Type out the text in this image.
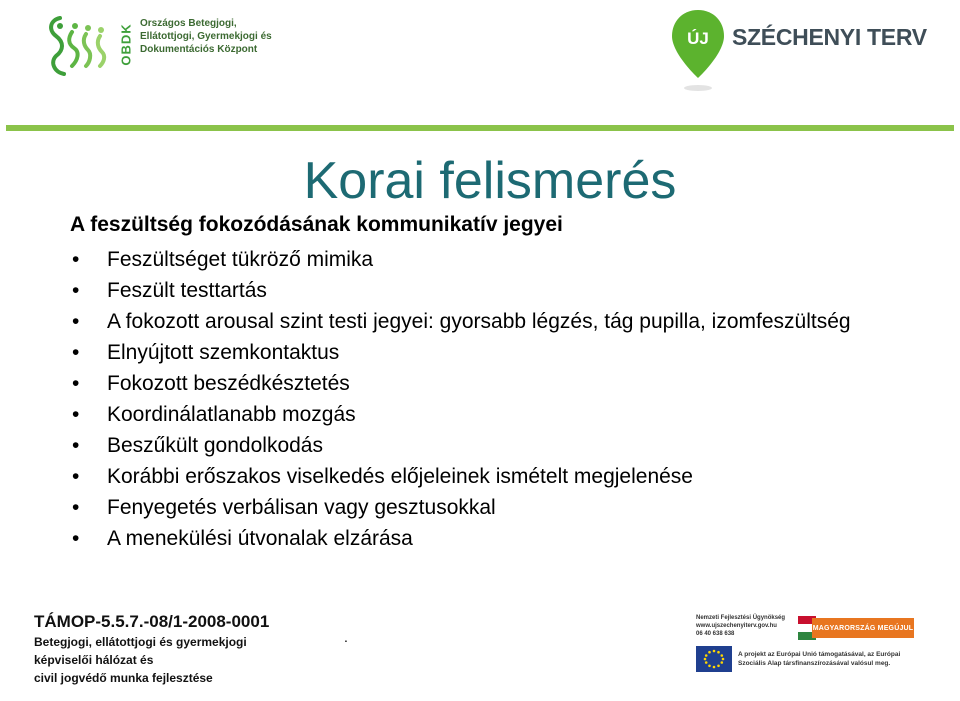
OBDK Országos Betegjogi,
Ellátottjogi, Gyermekjogi és
Dokumentációs Központ
ÚJ SZÉCHENYI TERV
Korai felismerés
A feszültség fokozódásának kommunikatív jegyei
• Feszültséget tükröző mimika
• Feszült testtartás
• A fokozott arousal szint testi jegyei: gyorsabb légzés, tág pupilla, izomfeszültség
• Elnyújtott szemkontaktus
• Fokozott beszédkésztetés
• Koordinálatlanabb mozgás
• Beszűkült gondolkodás
• Korábbi erőszakos viselkedés előjeleinek ismételt megjelenése
• Fenyegetés verbálisan vagy gesztusokkal
• A menekülési útvonalak elzárása
TÁMOP-5.5.7.-08/1-2008-0001
Betegjogi, ellátottjogi és gyermekjogi
képviselői hálózat és
civil jogvédő munka fejlesztése
.
Nemzeti Fejlesztési Ügynökség
www.ujszechenyiterv.gov.hu
06 40 638 638
MAGYARORSZÁG MEGÚJUL
A projekt az Európai Unió támogatásával, az Európai
Szociális Alap társfinanszírozásával valósul meg.
